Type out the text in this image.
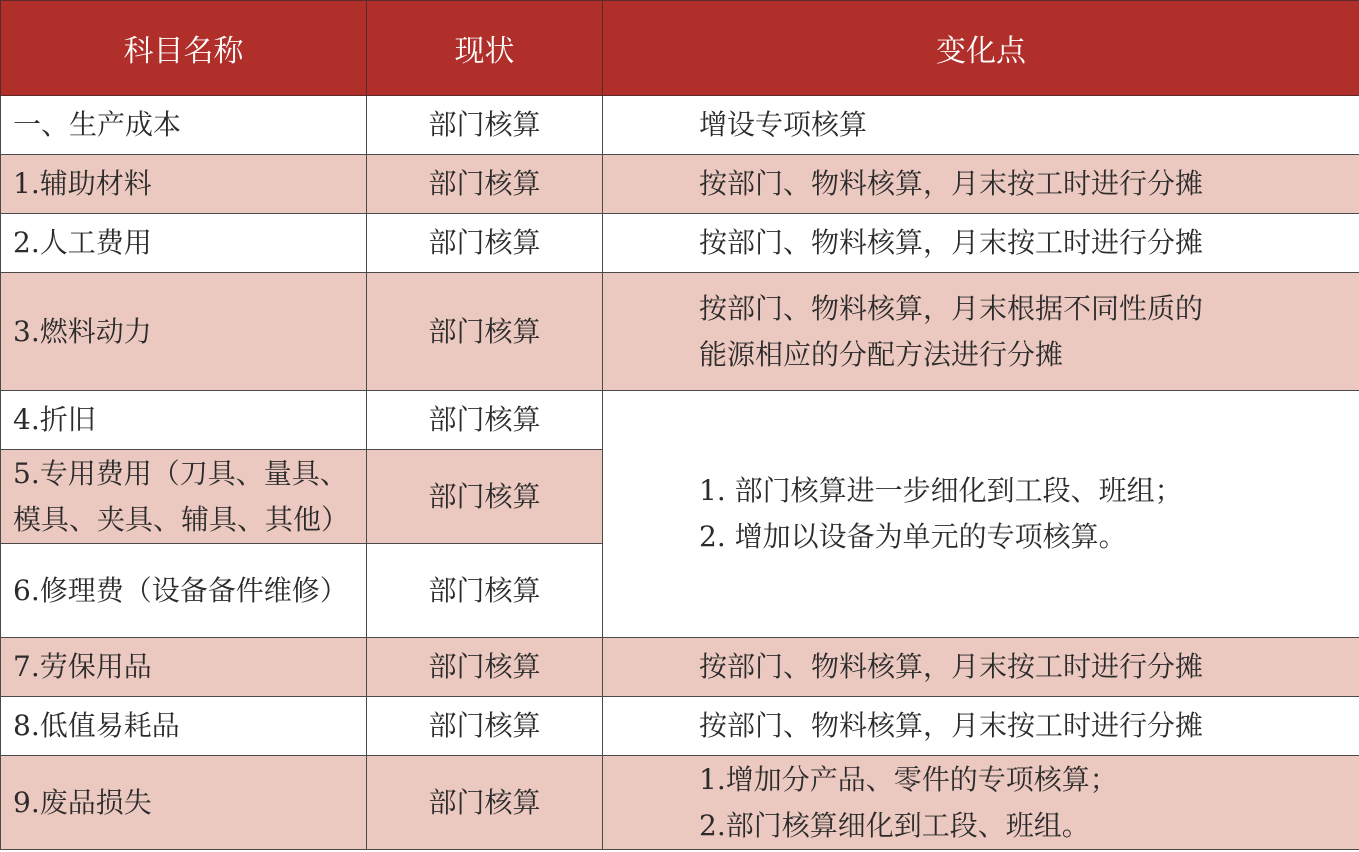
科目名称	现状	变化点
一、生产成本	部门核算	增设专项核算

1.辅助材料	部门核算	按部门、物料核算，月末按工时进行分摊

2.人工费用	部门核算	按部门、物料核算，月末按工时进行分摊

3.燃料动力	部门核算	按部门、物料核算，月末根据不同性质的
能源相应的分配方法进行分摊

4.折旧	部门核算	1. 部门核算进一步细化到工段、班组；
2. 增加以设备为单元的专项核算。

5.专用费用（刀具、量具、
模具、夹具、辅具、其他）	部门核算	
6.修理费（设备备件维修）	部门核算	
7.劳保用品	部门核算	按部门、物料核算，月末按工时进行分摊

8.低值易耗品	部门核算	按部门、物料核算，月末按工时进行分摊

9.废品损失	部门核算	1.增加分产品、零件的专项核算；
2.部门核算细化到工段、班组。
